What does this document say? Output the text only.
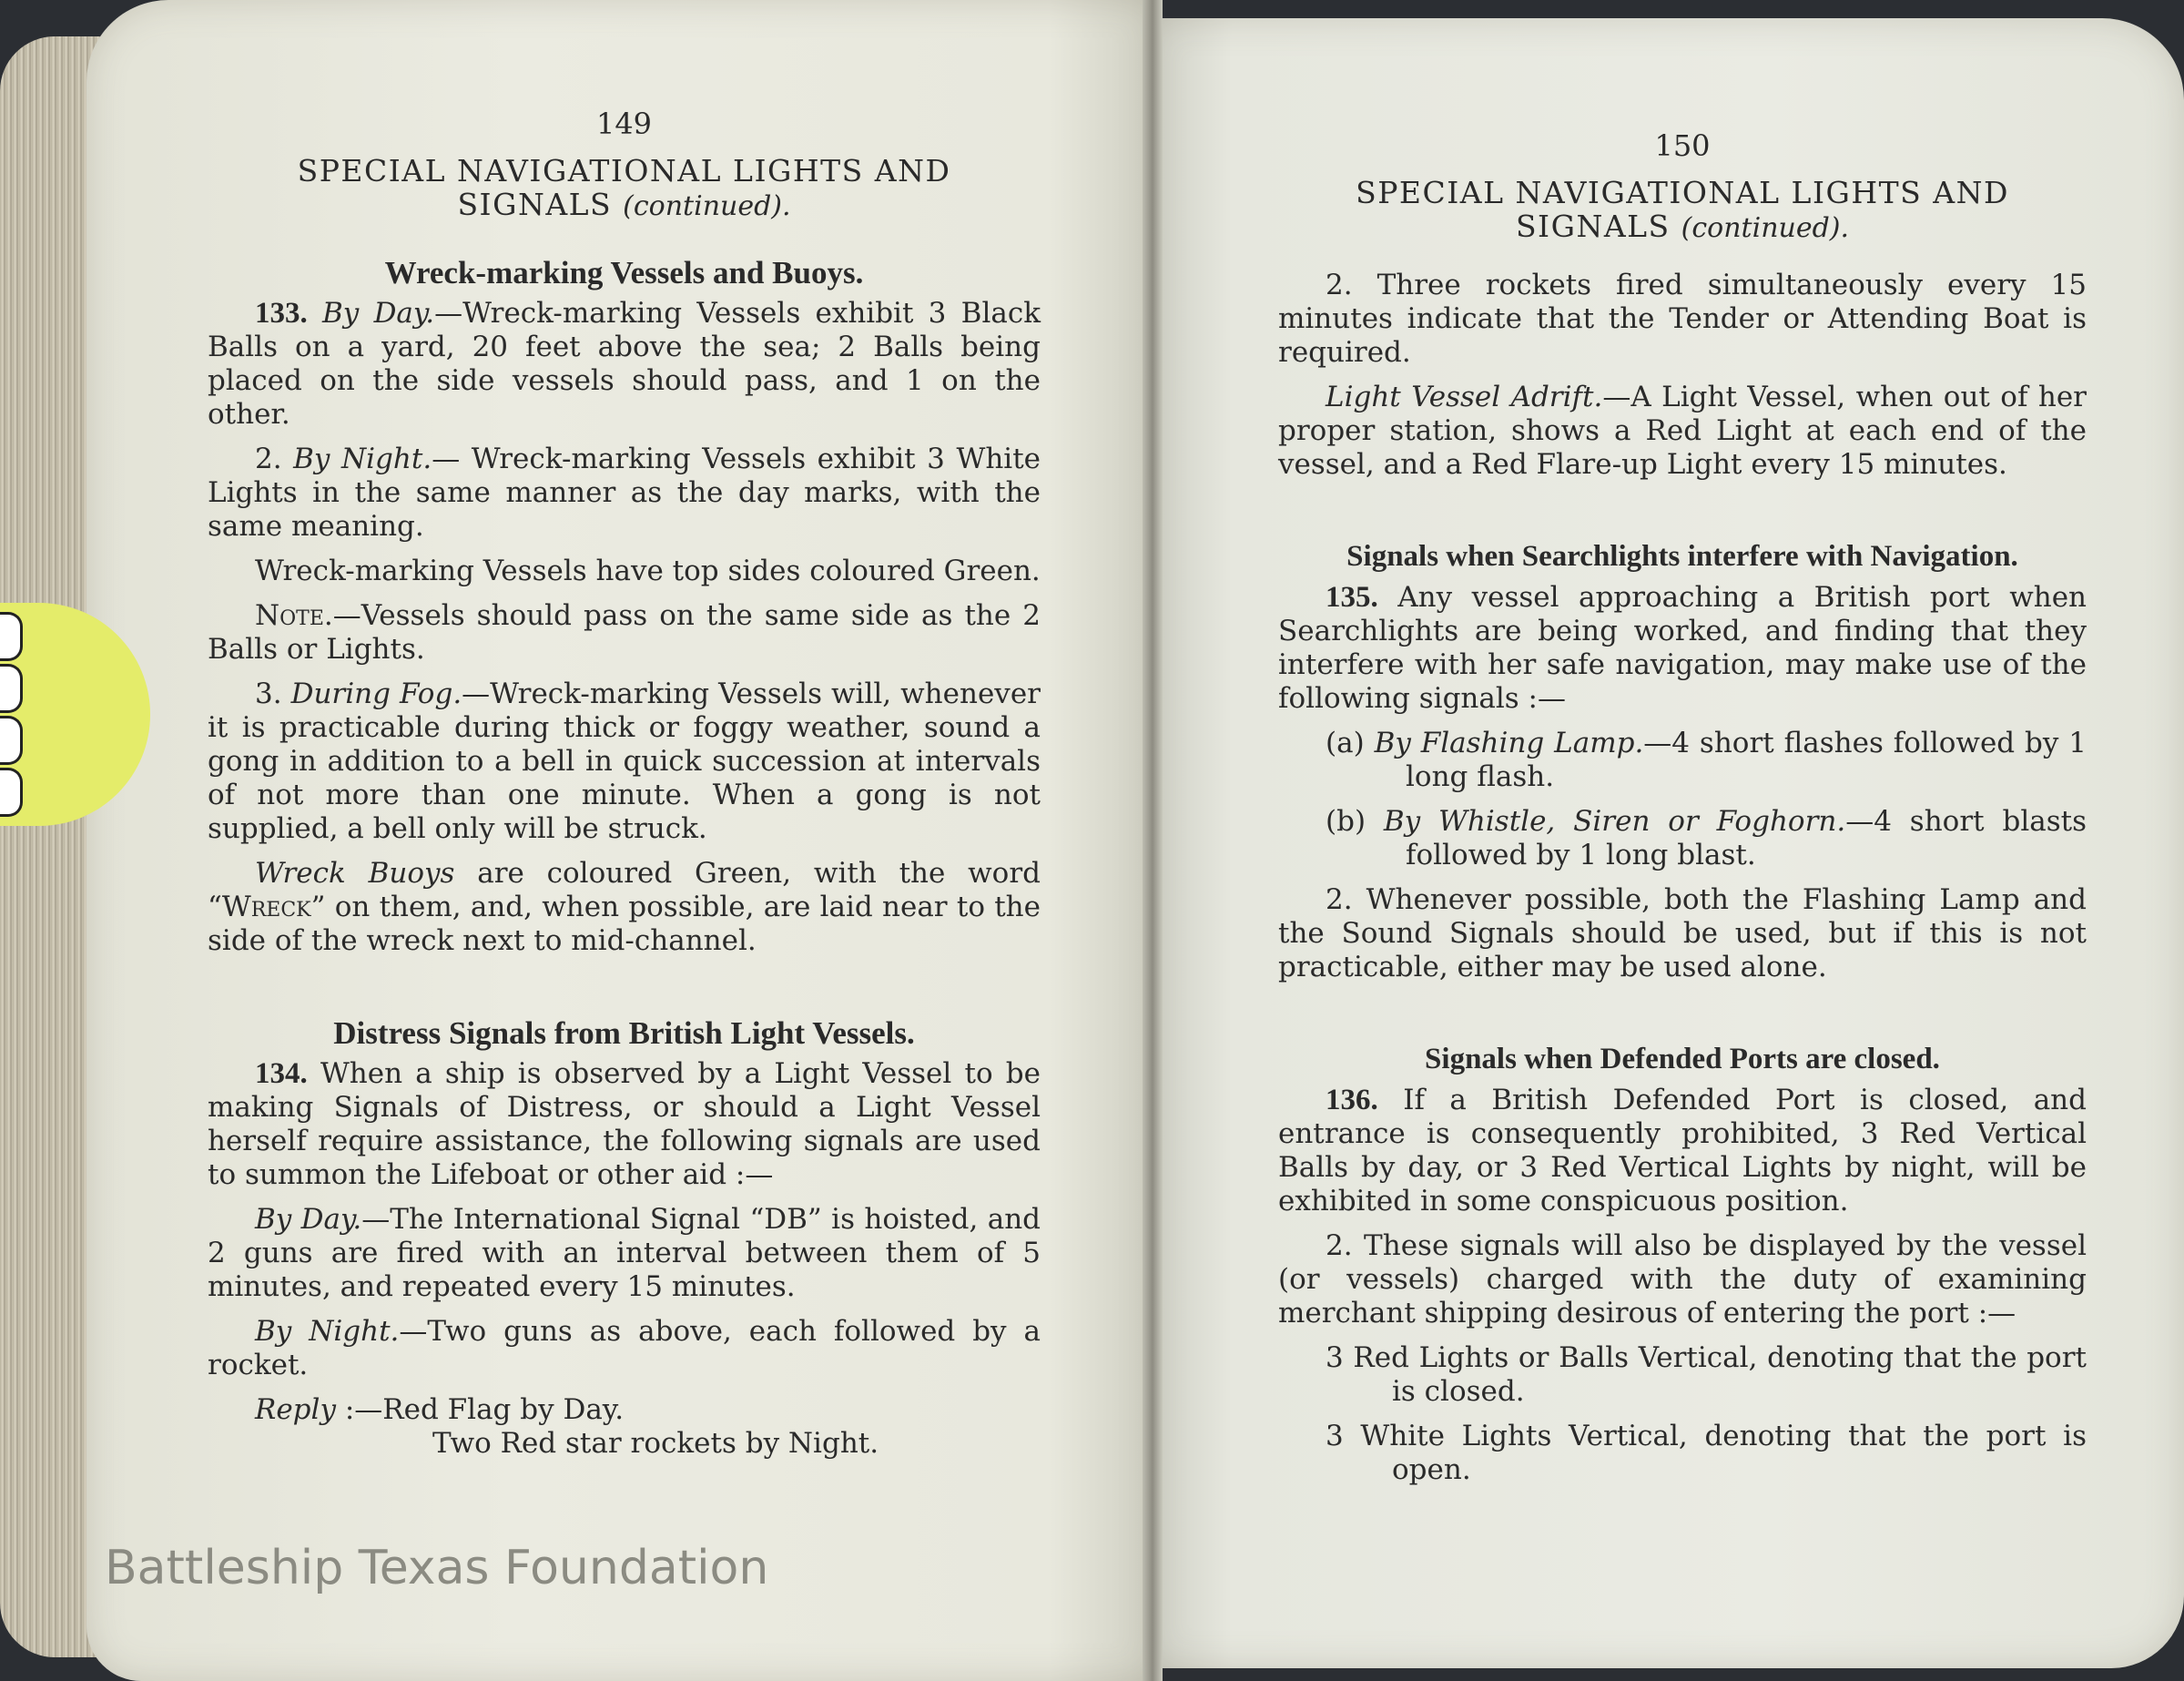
149
SPECIAL NAVIGATIONAL LIGHTS AND
SIGNALS (continued).
Wreck-marking Vessels and Buoys.

133. By Day.—Wreck-marking Vessels exhibit 3 Black Balls on a yard, 20 feet above the sea; 2 Balls being placed on the side vessels should pass, and 1 on the other.

2. By Night.— Wreck-marking Vessels exhibit 3 White Lights in the same manner as the day marks, with the same meaning.

Wreck-marking Vessels have top sides coloured Green.

Note.—Vessels should pass on the same side as the 2 Balls or Lights.

3. During Fog.—Wreck-marking Vessels will, whenever it is practicable during thick or foggy weather, sound a gong in addition to a bell in quick succession at intervals of not more than one minute. When a gong is not supplied, a bell only will be struck.

Wreck Buoys are coloured Green, with the word “Wreck” on them, and, when possible, are laid near to the side of the wreck next to mid-channel.

Distress Signals from British Light Vessels.

134. When a ship is observed by a Light Vessel to be making Signals of Distress, or should a Light Vessel herself require assistance, the following signals are used to summon the Lifeboat or other aid :—

By Day.—The International Signal “DB” is hoisted, and 2 guns are fired with an interval between them of 5 minutes, and repeated every 15 minutes.

By Night.—Two guns as above, each followed by a rocket.

Reply :—Red Flag by Day.

Two Red star rockets by Night.

150
SPECIAL NAVIGATIONAL LIGHTS AND
SIGNALS (continued).

2. Three rockets fired simultaneously every 15 minutes indicate that the Tender or Attending Boat is required.

Light Vessel Adrift.—A Light Vessel, when out of her proper station, shows a Red Light at each end of the vessel, and a Red Flare-up Light every 15 minutes.

Signals when Searchlights interfere with Navigation.

135. Any vessel approaching a British port when Searchlights are being worked, and finding that they interfere with her safe navigation, may make use of the following signals :—

(a) By Flashing Lamp.—4 short flashes followed by 1 long flash.
(b) By Whistle, Siren or Foghorn.—4 short blasts followed by 1 long blast.

2. Whenever possible, both the Flashing Lamp and the Sound Signals should be used, but if this is not practicable, either may be used alone.

Signals when Defended Ports are closed.

136. If a British Defended Port is closed, and entrance is consequently prohibited, 3 Red Vertical Balls by day, or 3 Red Vertical Lights by night, will be exhibited in some conspicuous position.

2. These signals will also be displayed by the vessel (or vessels) charged with the duty of examining merchant shipping desirous of entering the port :—

3 Red Lights or Balls Vertical, denoting that the port is closed.
3 White Lights Vertical, denoting that the port is open.
Battleship Texas Foundation
